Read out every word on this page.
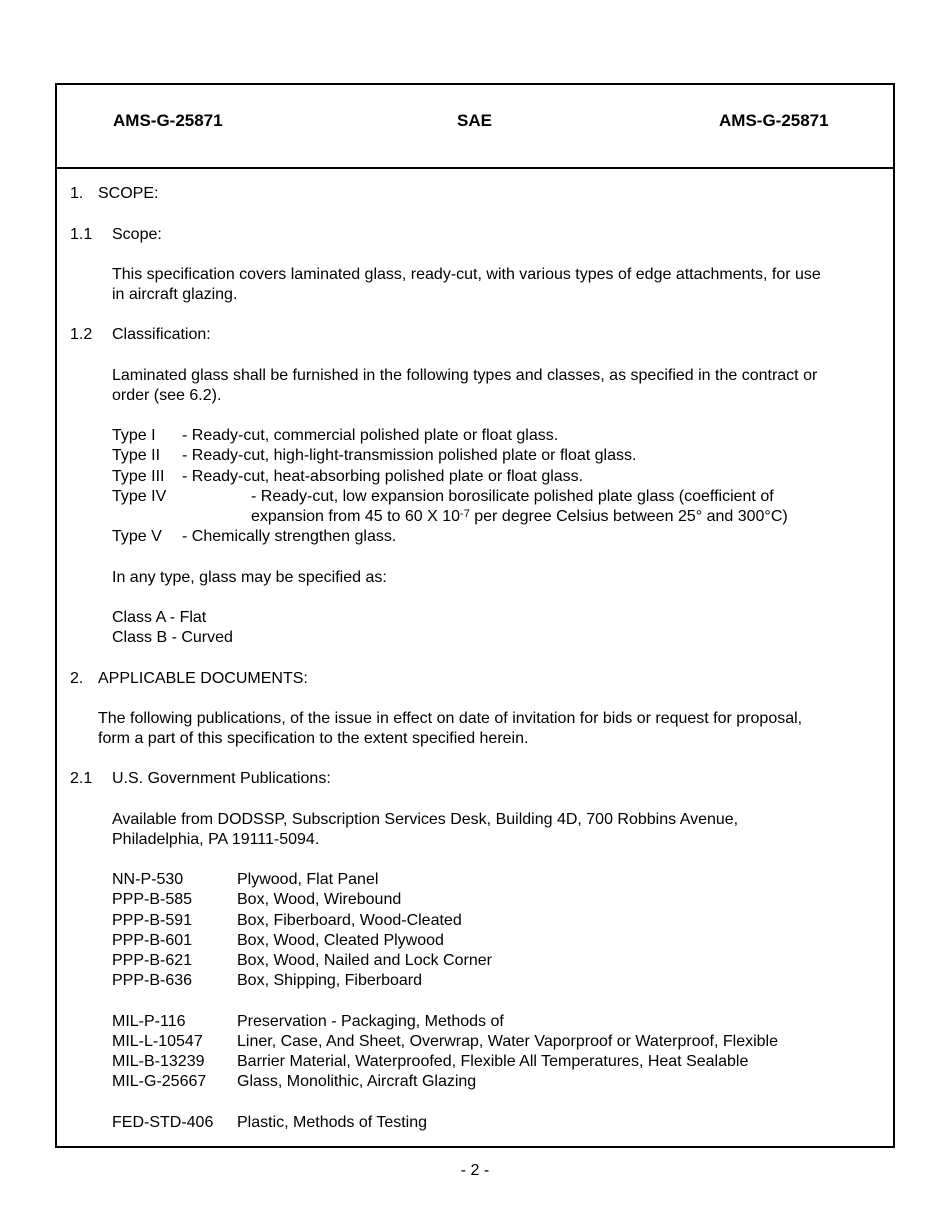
AMS-G-25871	SAE	AMS-G-25871
1. SCOPE:
1.1 Scope:
This specification covers laminated glass, ready-cut, with various types of edge attachments, for use
in aircraft glazing.
1.2 Classification:
Laminated glass shall be furnished in the following types and classes, as specified in the contract or
order (see 6.2).
Type I - Ready-cut, commercial polished plate or float glass.
Type II - Ready-cut, high-light-transmission polished plate or float glass.
Type III - Ready-cut, heat-absorbing polished plate or float glass.
Type IV	- Ready-cut, low expansion borosilicate polished plate glass (coefficient of
expansion from 45 to 60 X $10^{-7}$ per degree Celsius between 25° and 300°C)
Type V - Chemically strengthen glass.
In any type, glass may be specified as:
Class A - Flat
Class B - Curved
2. APPLICABLE DOCUMENTS:
The following publications, of the issue in effect on date of invitation for bids or request for proposal,
form a part of this specification to the extent specified herein.
2.1 U.S. Government Publications:
Available from DODSSP, Subscription Services Desk, Building 4D, 700 Robbins Avenue,
Philadelphia, PA 19111-5094.
NN-P-530	Plywood, Flat Panel
PPP-B-585	Box, Wood, Wirebound
PPP-B-591	Box, Fiberboard, Wood-Cleated
PPP-B-601	Box, Wood, Cleated Plywood
PPP-B-621	Box, Wood, Nailed and Lock Corner
PPP-B-636	Box, Shipping, Fiberboard
MIL-P-116	Preservation - Packaging, Methods of
MIL-L-10547 Liner, Case, And Sheet, Overwrap, Water Vaporproof or Waterproof, Flexible
MIL-B-13239 Barrier Material, Waterproofed, Flexible All Temperatures, Heat Sealable
MIL-G-25667 Glass, Monolithic, Aircraft Glazing
FED-STD-406 Plastic, Methods of Testing
- 2 -
